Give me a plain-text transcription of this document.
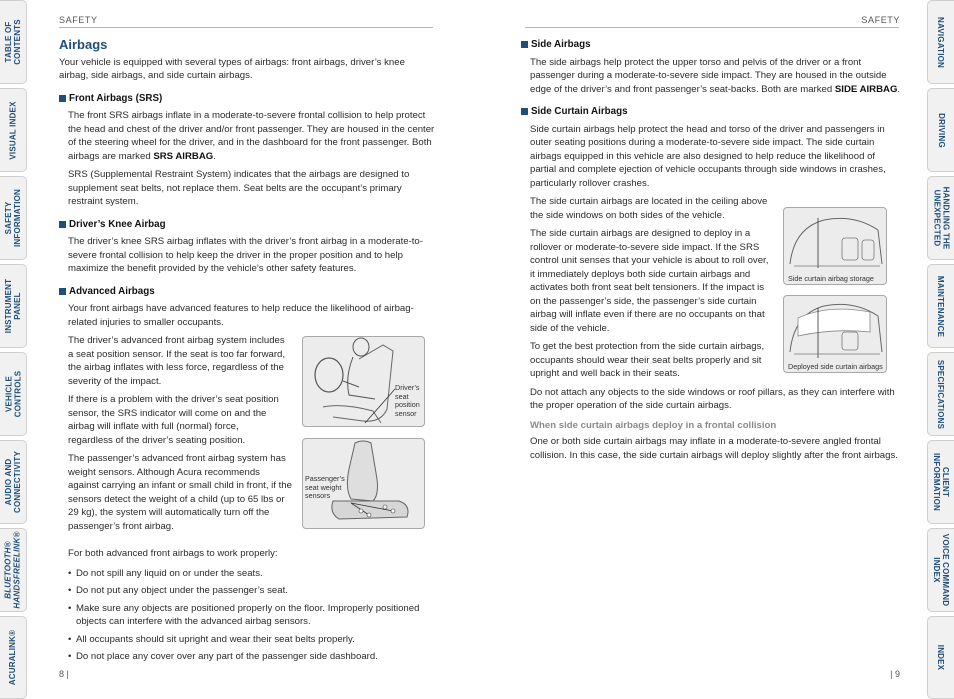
TABLE OF
CONTENTS
VISUAL INDEX
SAFETY
INFORMATION
INSTRUMENT
PANEL
VEHICLE
CONTROLS
AUDIO AND
CONNECTIVITY
BLUETOOTH®
HANDSFREELINK®
ACURALINK®
NAVIGATION
DRIVING
HANDLING THE
UNEXPECTED
MAINTENANCE
SPECIFICATIONS
CLIENT
INFORMATION
VOICE COMMAND
INDEX
INDEX
SAFETY	SAFETY
Airbags

Your vehicle is equipped with several types of airbags: front airbags, driver’s knee airbag, side airbags, and side curtain airbags.

Front Airbags (SRS)

The front SRS airbags inflate in a moderate-to-severe frontal collision to help protect the head and chest of the driver and/or front passenger. They are housed in the center of the steering wheel for the driver, and in the dashboard for the front passenger. Both airbags are marked SRS AIRBAG.

SRS (Supplemental Restraint System) indicates that the airbags are designed to supplement seat belts, not replace them. Seat belts are the occupant’s primary restraint system.

Driver’s Knee Airbag

The driver’s knee SRS airbag inflates with the driver’s front airbag in a moderate-to-severe frontal collision to help keep the driver in the proper position and to help maximize the benefit provided by the vehicle’s other safety features.

Advanced Airbags

Your front airbags have advanced features to help reduce the likelihood of airbag-related injuries to smaller occupants.

The driver’s advanced front airbag system includes a seat position sensor. If the seat is too far forward, the airbag inflates with less force, regardless of the severity of the impact.

If there is a problem with the driver’s seat position sensor, the SRS indicator will come on and the airbag will inflate with full (normal) force, regardless of the driver’s seating position.

The passenger’s advanced front airbag system has weight sensors. Although Acura recommends against carrying an infant or small child in front, if the sensors detect the weight of a child (up to 65 lbs or 29 kg), the system will automatically turn off the passenger’s front airbag.

For both advanced front airbags to work properly:

• Do not spill any liquid on or under the seats.
• Do not put any object under the passenger’s seat.
• Make sure any objects are positioned properly on the floor. Improperly positioned objects can interfere with the advanced airbag sensors.
• All occupants should sit upright and wear their seat belts properly.
• Do not place any cover over any part of the passenger side dashboard.
Driver’s
seat
position
sensor
Passenger’s
seat weight
sensors
Side Airbags

The side airbags help protect the upper torso and pelvis of the driver or a front passenger during a moderate-to-severe side impact. They are housed in the outside edge of the driver’s and front passenger’s seat-backs. Both are marked SIDE AIRBAG.

Side Curtain Airbags

Side curtain airbags help protect the head and torso of the driver and passengers in outer seating positions during a moderate-to-severe side impact. The side curtain airbags equipped in this vehicle are also designed to help reduce the likelihood of partial and complete ejection of vehicle occupants through side windows in crashes, particularly rollover crashes.

The side curtain airbags are located in the ceiling above the side windows on both sides of the vehicle.

The side curtain airbags are designed to deploy in a rollover or moderate-to-severe side impact. If the SRS control unit senses that your vehicle is about to roll over, it immediately deploys both side curtain airbags and activates both front seat belt tensioners. If the impact is on the passenger’s side, the passenger’s side curtain airbag will inflate even if there are no occupants on that side of the vehicle.

To get the best protection from the side curtain airbags, occupants should wear their seat belts properly and sit upright and well back in their seats.

Do not attach any objects to the side windows or roof pillars, as they can interfere with the proper operation of the side curtain airbags.

When side curtain airbags deploy in a frontal collision

One or both side curtain airbags may inflate in a moderate-to-severe angled frontal collision. In this case, the side curtain airbags will deploy slightly after the front airbags.

Side curtain airbag storage
Deployed side curtain airbags
8 |	| 9
